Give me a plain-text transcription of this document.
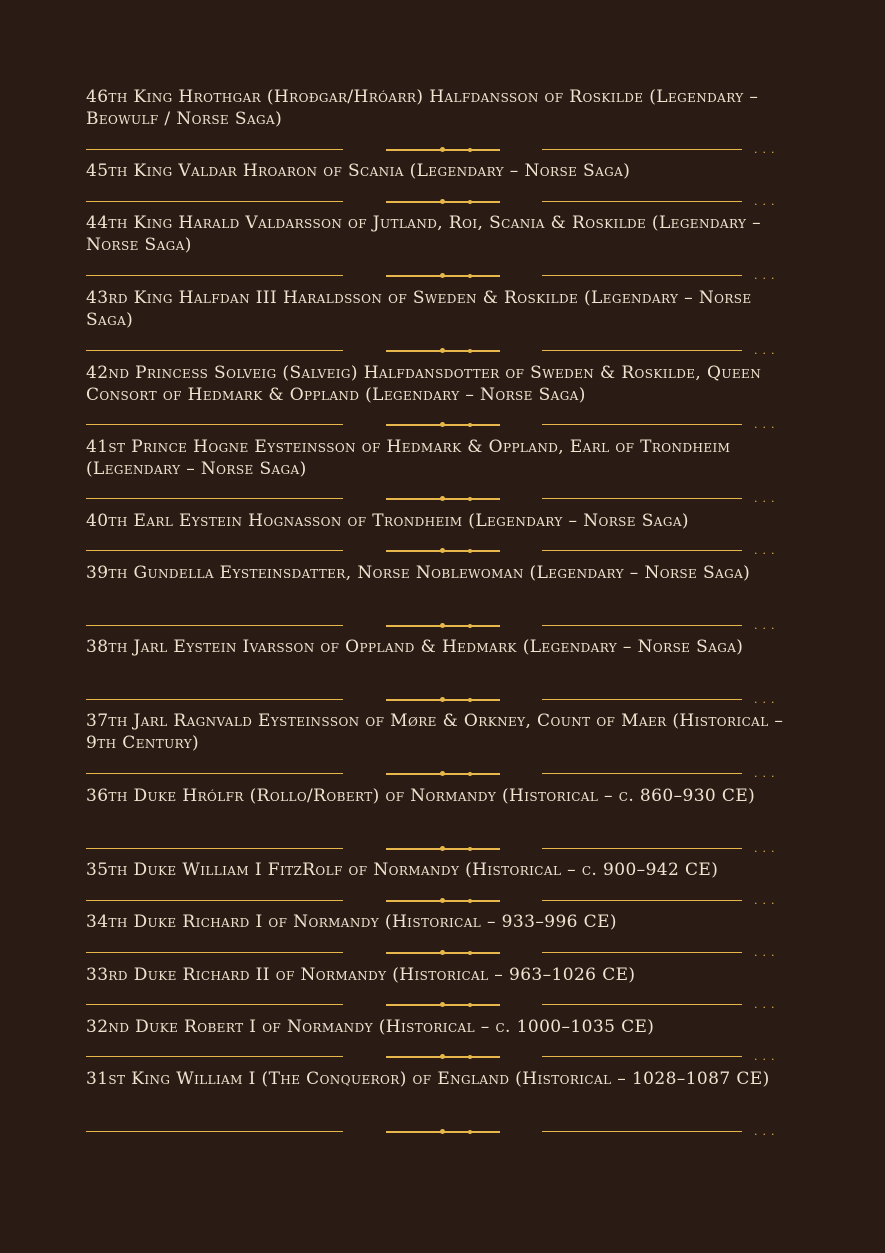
46th King Hrothgar (Hroðgar/Hróarr) Halfdansson of Roskilde (Legendary – Beowulf / Norse Saga)

...

45th King Valdar Hroaron of Scania (Legendary – Norse Saga)

...

44th King Harald Valdarsson of Jutland, Roi, Scania & Roskilde (Legendary – Norse Saga)

...

43rd King Halfdan III Haraldsson of Sweden & Roskilde (Legendary – Norse Saga)

...

42nd Princess Solveig (Salveig) Halfdansdotter of Sweden & Roskilde, Queen Consort of Hedmark & Oppland (Legendary – Norse Saga)

...

41st Prince Hogne Eysteinsson of Hedmark & Oppland, Earl of Trondheim (Legendary – Norse Saga)

...

40th Earl Eystein Hognasson of Trondheim (Legendary – Norse Saga)

...

39th Gundella Eysteinsdatter, Norse Noblewoman (Legendary – Norse Saga)

...

38th Jarl Eystein Ivarsson of Oppland & Hedmark (Legendary – Norse Saga)

...

37th Jarl Ragnvald Eysteinsson of Møre & Orkney, Count of Maer (Historical – 9th Century)

...

36th Duke Hrólfr (Rollo/Robert) of Normandy (Historical – c. 860–930 CE)

...

35th Duke William I FitzRolf of Normandy (Historical – c. 900–942 CE)

...

34th Duke Richard I of Normandy (Historical – 933–996 CE)

...

33rd Duke Richard II of Normandy (Historical – 963–1026 CE)

...

32nd Duke Robert I of Normandy (Historical – c. 1000–1035 CE)

...

31st King William I (The Conqueror) of England (Historical – 1028–1087 CE)

...
